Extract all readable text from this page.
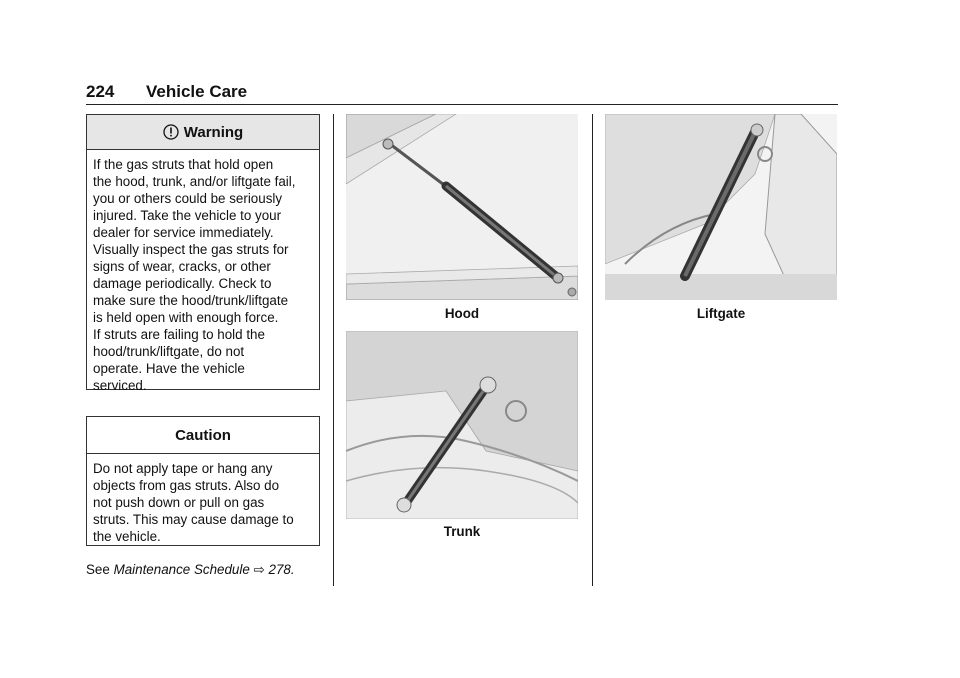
224 Vehicle Care
Warning
If the gas struts that hold open
the hood, trunk, and/or liftgate fail,
you or others could be seriously
injured. Take the vehicle to your
dealer for service immediately.
Visually inspect the gas struts for
signs of wear, cracks, or other
damage periodically. Check to
make sure the hood/trunk/liftgate
is held open with enough force.
If struts are failing to hold the
hood/trunk/liftgate, do not
operate. Have the vehicle
serviced.
Caution
Do not apply tape or hang any
objects from gas struts. Also do
not push down or pull on gas
struts. This may cause damage to
the vehicle.
See Maintenance Schedule ⇨ 278.
Hood
Trunk
Liftgate
